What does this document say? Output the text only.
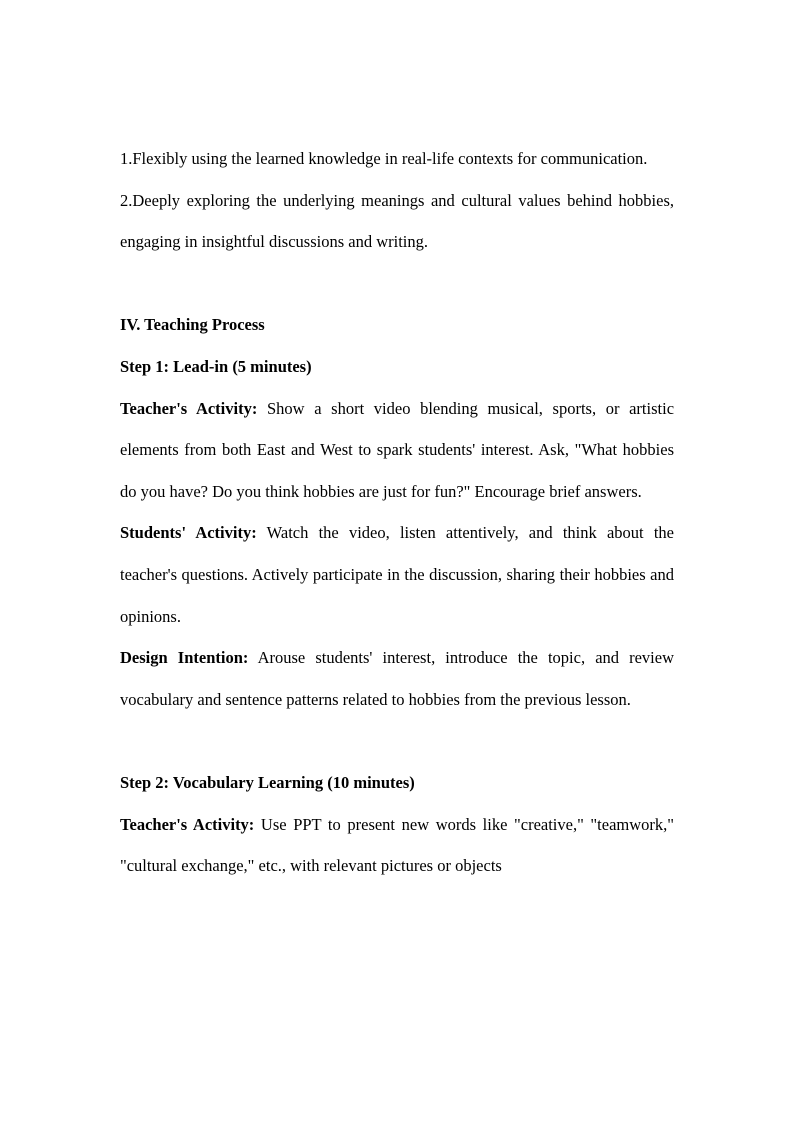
1.Flexibly using the learned knowledge in real-life contexts for communication.

2.Deeply exploring the underlying meanings and cultural values behind hobbies, engaging in insightful discussions and writing.

IV. Teaching Process

Step 1: Lead-in (5 minutes)

Teacher's Activity: Show a short video blending musical, sports, or artistic elements from both East and West to spark students' interest. Ask, "What hobbies do you have? Do you think hobbies are just for fun?" Encourage brief answers.

Students' Activity: Watch the video, listen attentively, and think about the teacher's questions. Actively participate in the discussion, sharing their hobbies and opinions.

Design Intention: Arouse students' interest, introduce the topic, and review vocabulary and sentence patterns related to hobbies from the previous lesson.

Step 2: Vocabulary Learning (10 minutes)

Teacher's Activity: Use PPT to present new words like "creative," "teamwork," "cultural exchange," etc., with relevant pictures or objects
